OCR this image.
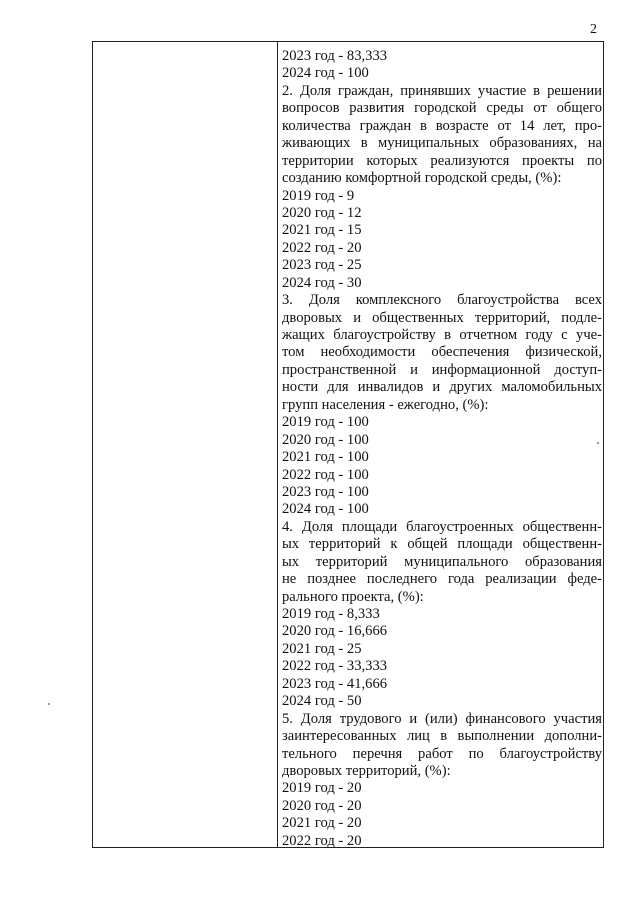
2
2023 год - 83,333
2024 год - 100
2. Доля граждан, принявших участие в решении
вопросов развития городской среды от общего
количества граждан в возрасте от 14 лет, про-
живающих в муниципальных образованиях, на
территории которых реализуются проекты по
созданию комфортной городской среды, (%):
2019 год - 9
2020 год - 12
2021 год - 15
2022 год - 20
2023 год - 25
2024 год - 30
3. Доля комплексного благоустройства всех
дворовых и общественных территорий, подле-
жащих благоустройству в отчетном году с уче-
том необходимости обеспечения физической,
пространственной и информационной доступ-
ности для инвалидов и других маломобильных
групп населения - ежегодно, (%):
2019 год - 100
2020 год - 100
2021 год - 100
2022 год - 100
2023 год - 100
2024 год - 100
4. Доля площади благоустроенных общественн-
ых территорий к общей площади общественн-
ых территорий муниципального образования
не позднее последнего года реализации феде-
рального проекта, (%):
2019 год - 8,333
2020 год - 16,666
2021 год - 25
2022 год - 33,333
2023 год - 41,666
2024 год - 50
5. Доля трудового и (или) финансового участия
заинтересованных лиц в выполнении дополни-
тельного перечня работ по благоустройству
дворовых территорий, (%):
2019 год - 20
2020 год - 20
2021 год - 20
2022 год - 20
